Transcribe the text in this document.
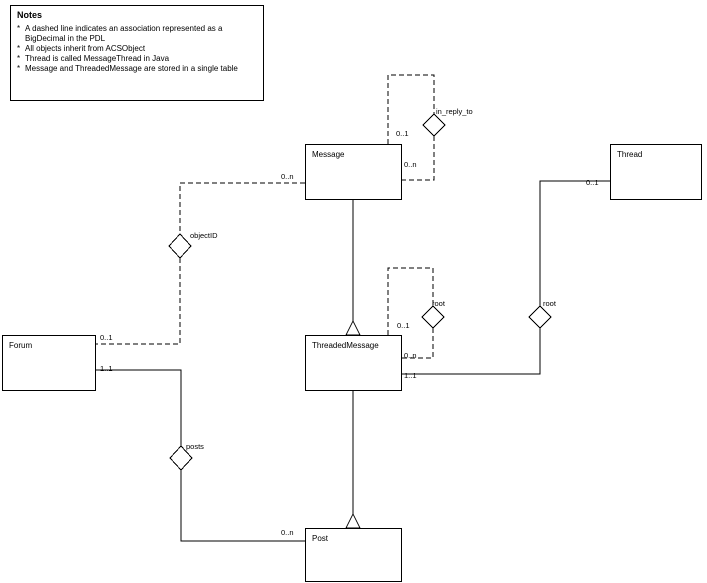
Notes
* A dashed line indicates an association represented as a BigDecimal in the PDL
* All objects inherit from ACSObject
* Thread is called MessageThread in Java
* Message and ThreadedMessage are stored in a single table
Message	Thread
Forum	ThreadedMessage
Post
in_reply_to
objectID
root	root
posts
0..1
0..n
0..n
0..1
0..1
0..n
1..1
0..1
1..1
0..n
